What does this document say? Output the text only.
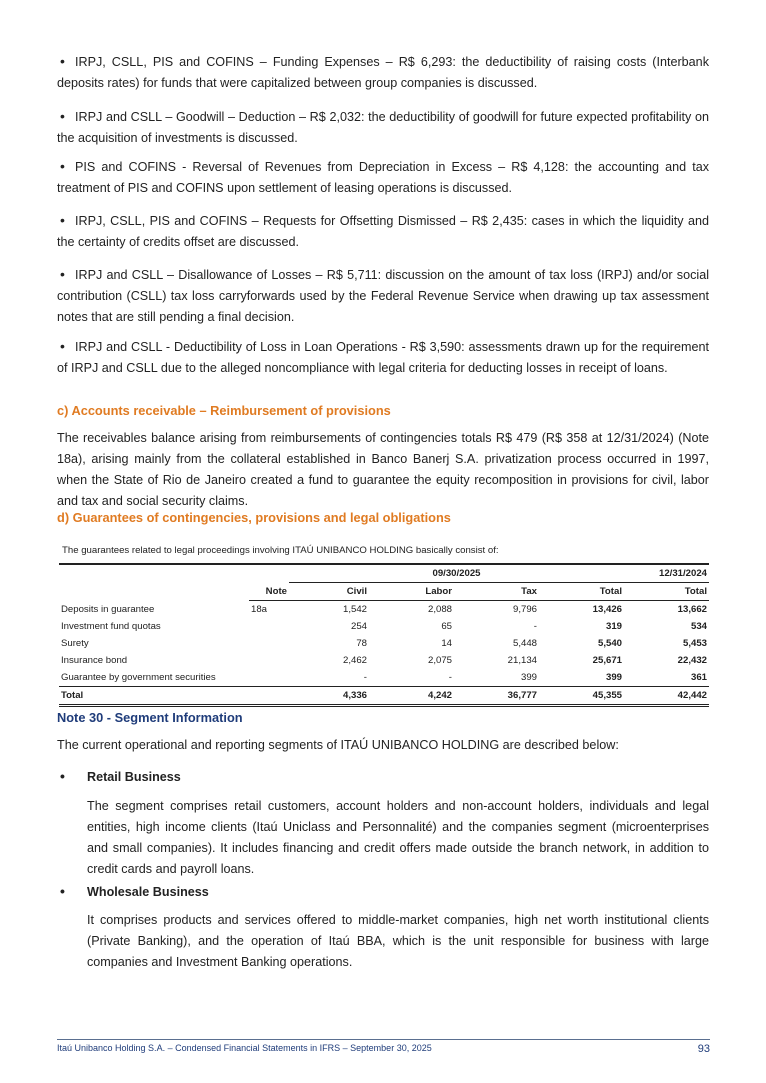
• IRPJ, CSLL, PIS and COFINS – Funding Expenses – R$ 6,293: the deductibility of raising costs (Interbank deposits rates) for funds that were capitalized between group companies is discussed.
• IRPJ and CSLL – Goodwill – Deduction – R$ 2,032: the deductibility of goodwill for future expected profitability on the acquisition of investments is discussed.
• PIS and COFINS - Reversal of Revenues from Depreciation in Excess – R$ 4,128: the accounting and tax treatment of PIS and COFINS upon settlement of leasing operations is discussed.
• IRPJ, CSLL, PIS and COFINS – Requests for Offsetting Dismissed – R$ 2,435: cases in which the liquidity and the certainty of credits offset are discussed.
• IRPJ and CSLL – Disallowance of Losses – R$ 5,711: discussion on the amount of tax loss (IRPJ) and/or social contribution (CSLL) tax loss carryforwards used by the Federal Revenue Service when drawing up tax assessment notes that are still pending a final decision.
• IRPJ and CSLL - Deductibility of Loss in Loan Operations - R$ 3,590: assessments drawn up for the requirement of IRPJ and CSLL due to the alleged noncompliance with legal criteria for deducting losses in receipt of loans.
c) Accounts receivable – Reimbursement of provisions
The receivables balance arising from reimbursements of contingencies totals R$ 479 (R$ 358 at 12/31/2024) (Note 18a), arising mainly from the collateral established in Banco Banerj S.A. privatization process occurred in 1997, when the State of Rio de Janeiro created a fund to guarantee the equity recomposition in provisions for civil, labor and tax and social security claims.
d) Guarantees of contingencies, provisions and legal obligations
The guarantees related to legal proceedings involving ITAÚ UNIBANCO HOLDING basically consist of:
		09/30/2025				12/31/2024
	Note	Civil	Labor	Tax	Total	Total
Deposits in guarantee	18a	1,542	2,088	9,796	13,426	13,662
Investment fund quotas		254	65	-	319	534
Surety		78	14	5,448	5,540	5,453
Insurance bond		2,462	2,075	21,134	25,671	22,432
Guarantee by government securities		-	-	399	399	361
Total		4,336	4,242	36,777	45,355	42,442
Note 30 - Segment Information
The current operational and reporting segments of ITAÚ UNIBANCO HOLDING are described below:
• Retail Business
The segment comprises retail customers, account holders and non-account holders, individuals and legal entities, high income clients (Itaú Uniclass and Personnalité) and the companies segment (microenterprises and small companies). It includes financing and credit offers made outside the branch network, in addition to credit cards and payroll loans.
• Wholesale Business
It comprises products and services offered to middle-market companies, high net worth institutional clients (Private Banking), and the operation of Itaú BBA, which is the unit responsible for business with large companies and Investment Banking operations.
Itaú Unibanco Holding S.A. – Condensed Financial Statements in IFRS – September 30, 2025	93
